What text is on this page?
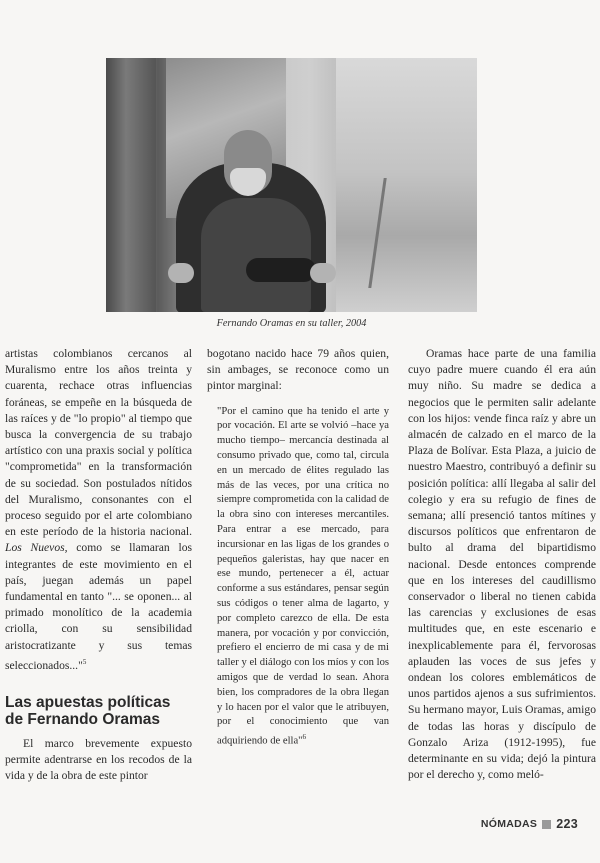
Fernando Oramas en su taller, 2004

artistas colombianos cercanos al Muralismo entre los años treinta y cuarenta, rechace otras influencias foráneas, se empeñe en la búsqueda de las raíces y de "lo propio" al tiempo que busca la convergencia de su trabajo artístico con una praxis social y política "comprometida" en la transformación de su sociedad. Son postulados nítidos del Muralismo, consonantes con el proceso seguido por el arte colombiano en este período de la historia nacional. Los Nuevos, como se llamaran los integrantes de este movimiento en el país, juegan además un papel fundamental en tanto "... se oponen... al primado monolítico de la academia criolla, con su sensibilidad aristocratizante y sus temas seleccionados..."$^5$

Las apuestas políticas de Fernando Oramas

El marco brevemente expuesto permite adentrarse en los recodos de la vida y de la obra de este pintor

bogotano nacido hace 79 años quien, sin ambages, se reconoce como un pintor marginal:

"Por el camino que ha tenido el arte y por vocación. El arte se volvió –hace ya mucho tiempo– mercancía destinada al consumo privado que, como tal, circula en un mercado de élites regulado las más de las veces, por una crítica no siempre comprometida con la calidad de la obra sino con intereses mercantiles. Para entrar a ese mercado, para incursionar en las ligas de los grandes o pequeños galeristas, hay que nacer en ese mundo, pertenecer a él, actuar conforme a sus estándares, pensar según sus códigos o tener alma de lagarto, y por completo carezco de ella. De esta manera, por vocación y por convicción, prefiero el encierro de mi casa y de mi taller y el diálogo con los míos y con los amigos que de verdad lo sean. Ahora bien, los compradores de la obra llegan y lo hacen por el valor que le atribuyen, por el conocimiento que van adquiriendo de ella"$^6$

Oramas hace parte de una familia cuyo padre muere cuando él era aún muy niño. Su madre se dedica a negocios que le permiten salir adelante con los hijos: vende finca raíz y abre un almacén de calzado en el marco de la Plaza de Bolívar. Esta Plaza, a juicio de nuestro Maestro, contribuyó a definir su posición política: allí llegaba al salir del colegio y era su refugio de fines de semana; allí presenció tantos mítines y discursos políticos que enfrentaron de bulto al drama del bipartidismo nacional. Desde entonces comprende que en los intereses del caudillismo conservador o liberal no tienen cabida las carencias y exclusiones de esas multitudes que, en este escenario e inexplicablemente para él, fervorosas aplauden las voces de sus jefes y ondean los colores emblemáticos de unos partidos ajenos a sus sufrimientos. Su hermano mayor, Luis Oramas, amigo de todas las horas y discípulo de Gonzalo Ariza (1912-1995), fue determinante en su vida; dejó la pintura por el derecho y, como meló-

NÓMADAS 223
